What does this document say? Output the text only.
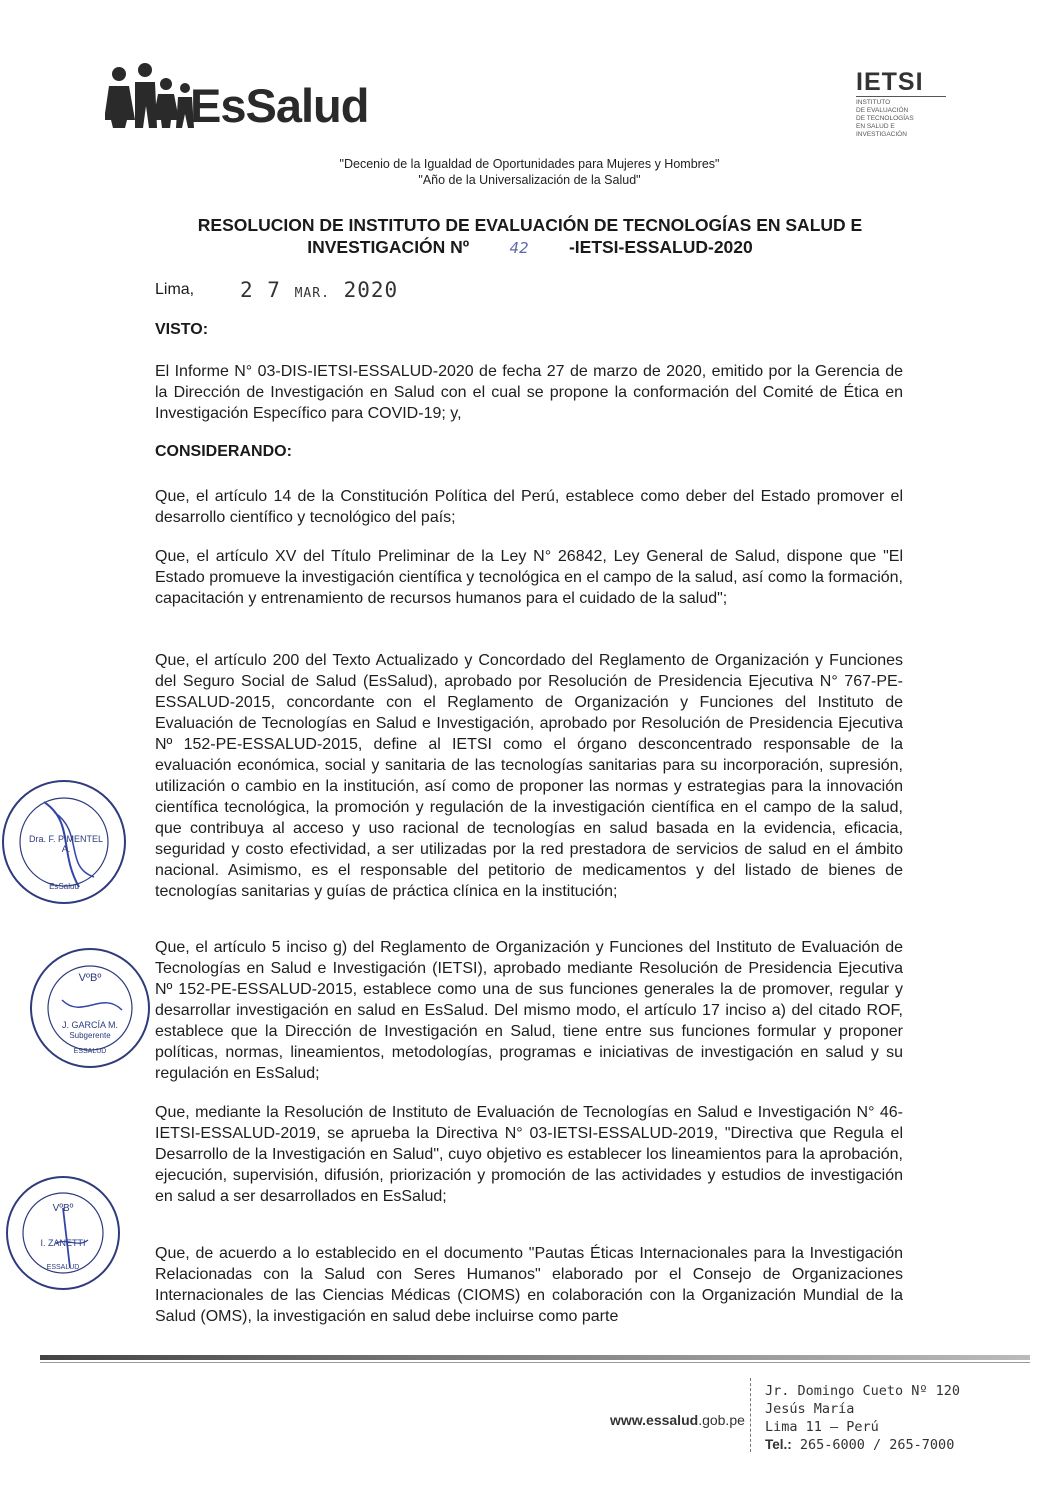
EsSalud	IETSI
INSTITUTO
DE EVALUACIÓN
DE TECNOLOGÍAS
EN SALUD E
INVESTIGACIÓN
"Decenio de la Igualdad de Oportunidades para Mujeres y Hombres"
"Año de la Universalización de la Salud"
RESOLUCION DE INSTITUTO DE EVALUACIÓN DE TECNOLOGÍAS EN SALUD E
INVESTIGACIÓN Nº	42 -IETSI-ESSALUD-2020
Lima, 2 7 MAR. 2020
VISTO:
El Informe N° 03-DIS-IETSI-ESSALUD-2020 de fecha 27 de marzo de 2020, emitido por la Gerencia de la Dirección de Investigación en Salud con el cual se propone la conformación del Comité de Ética en Investigación Específico para COVID-19; y,
CONSIDERANDO:
Que, el artículo 14 de la Constitución Política del Perú, establece como deber del Estado promover el desarrollo científico y tecnológico del país;
Que, el artículo XV del Título Preliminar de la Ley N° 26842, Ley General de Salud, dispone que "El Estado promueve la investigación científica y tecnológica en el campo de la salud, así como la formación, capacitación y entrenamiento de recursos humanos para el cuidado de la salud";
Que, el artículo 200 del Texto Actualizado y Concordado del Reglamento de Organización y Funciones del Seguro Social de Salud (EsSalud), aprobado por Resolución de Presidencia Ejecutiva N° 767-PE-ESSALUD-2015, concordante con el Reglamento de Organización y Funciones del Instituto de Evaluación de Tecnologías en Salud e Investigación, aprobado por Resolución de Presidencia Ejecutiva Nº 152-PE-ESSALUD-2015, define al IETSI como el órgano desconcentrado responsable de la evaluación económica, social y sanitaria de las tecnologías sanitarias para su incorporación, supresión, utilización o cambio en la institución, así como de proponer las normas y estrategias para la innovación científica tecnológica, la promoción y regulación de la investigación científica en el campo de la salud, que contribuya al acceso y uso racional de tecnologías en salud basada en la evidencia, eficacia, seguridad y costo efectividad, a ser utilizadas por la red prestadora de servicios de salud en el ámbito nacional. Asimismo, es el responsable del petitorio de medicamentos y del listado de bienes de tecnologías sanitarias y guías de práctica clínica en la institución;
Que, el artículo 5 inciso g) del Reglamento de Organización y Funciones del Instituto de Evaluación de Tecnologías en Salud e Investigación (IETSI), aprobado mediante Resolución de Presidencia Ejecutiva Nº 152-PE-ESSALUD-2015, establece como una de sus funciones generales la de promover, regular y desarrollar investigación en salud en EsSalud. Del mismo modo, el artículo 17 inciso a) del citado ROF, establece que la Dirección de Investigación en Salud, tiene entre sus funciones formular y proponer políticas, normas, lineamientos, metodologías, programas e iniciativas de investigación en salud y su regulación en EsSalud;
Que, mediante la Resolución de Instituto de Evaluación de Tecnologías en Salud e Investigación N° 46-IETSI-ESSALUD-2019, se aprueba la Directiva N° 03-IETSI-ESSALUD-2019, "Directiva que Regula el Desarrollo de la Investigación en Salud", cuyo objetivo es establecer los lineamientos para la aprobación, ejecución, supervisión, difusión, priorización y promoción de las actividades y estudios de investigación en salud a ser desarrollados en EsSalud;
Que, de acuerdo a lo establecido en el documento "Pautas Éticas Internacionales para la Investigación Relacionadas con la Salud con Seres Humanos" elaborado por el Consejo de Organizaciones Internacionales de las Ciencias Médicas (CIOMS) en colaboración con la Organización Mundial de la Salud (OMS), la investigación en salud debe incluirse como parte
Dra. F. PIMENTEL A.
EsSalud
VºBº
J. GARCÍA M.
Subgerente
ESSALUD
VºBº
I. ZANETTI
ESSALUD
www.essalud.gob.pe
Jr. Domingo Cueto Nº 120
Jesús María
Lima 11 – Perú
Tel.: 265-6000 / 265-7000
